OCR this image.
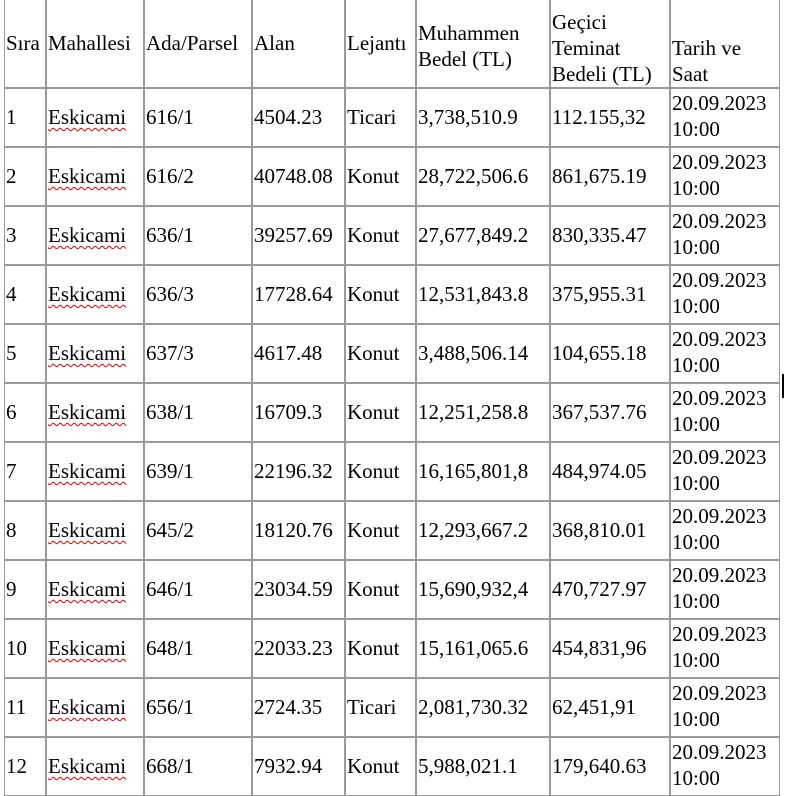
Sıra	Mahallesi	Ada/Parsel	Alan	Lejantı	Muhammen Bedel (TL)	Geçici Teminat Bedeli (TL)	Tarih ve Saat
1	Eskicami	616/1	4504.23	Ticari	3,738,510.9	112.155,32	20.09.2023 10:00
2	Eskicami	616/2	40748.08	Konut	28,722,506.6	861,675.19	20.09.2023 10:00
3	Eskicami	636/1	39257.69	Konut	27,677,849.2	830,335.47	20.09.2023 10:00
4	Eskicami	636/3	17728.64	Konut	12,531,843.8	375,955.31	20.09.2023 10:00
5	Eskicami	637/3	4617.48	Konut	3,488,506.14	104,655.18	20.09.2023 10:00
6	Eskicami	638/1	16709.3	Konut	12,251,258.8	367,537.76	20.09.2023 10:00
7	Eskicami	639/1	22196.32	Konut	16,165,801,8	484,974.05	20.09.2023 10:00
8	Eskicami	645/2	18120.76	Konut	12,293,667.2	368,810.01	20.09.2023 10:00
9	Eskicami	646/1	23034.59	Konut	15,690,932,4	470,727.97	20.09.2023 10:00
10	Eskicami	648/1	22033.23	Konut	15,161,065.6	454,831,96	20.09.2023 10:00
11	Eskicami	656/1	2724.35	Ticari	2,081,730.32	62,451,91	20.09.2023 10:00
12	Eskicami	668/1	7932.94	Konut	5,988,021.1	179,640.63	20.09.2023 10:00
